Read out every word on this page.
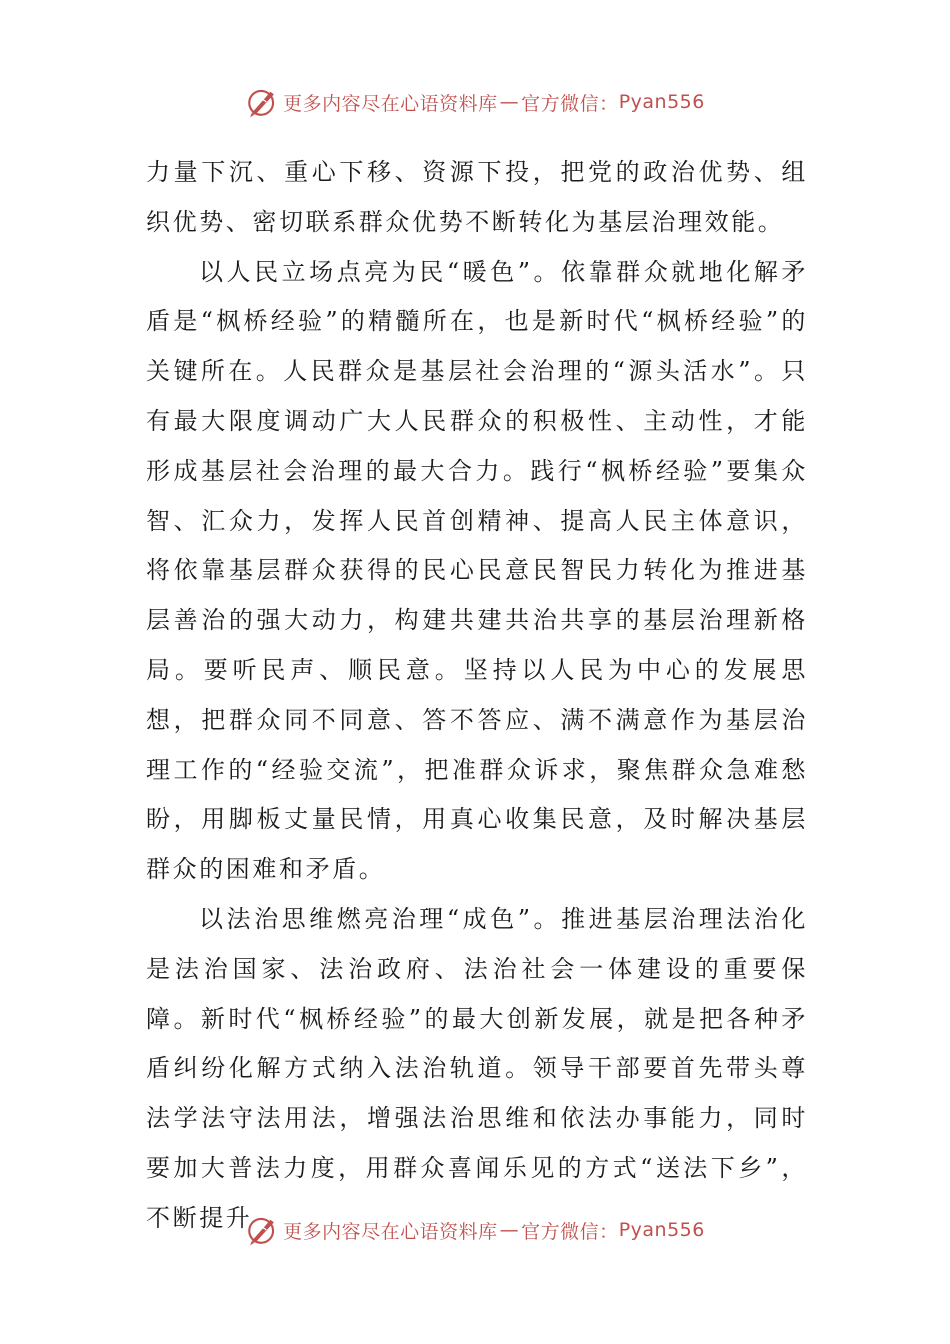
更多内容尽在心语资料库 — 官方微信： Pyan556

力量下沉、重心下移、资源下投，把党的政治优势、组织优势、密切联系群众优势不断转化为基层治理效能。

以人民立场点亮为民“暖色”。依靠群众就地化解矛盾是“枫桥经验”的精髓所在，也是新时代“枫桥经验”的关键所在。人民群众是基层社会治理的“源头活水”。只有最大限度调动广大人民群众的积极性、主动性，才能形成基层社会治理的最大合力。践行“枫桥经验”要集众智、汇众力，发挥人民首创精神、提高人民主体意识，将依靠基层群众获得的民心民意民智民力转化为推进基层善治的强大动力，构建共建共治共享的基层治理新格局。要听民声、顺民意。坚持以人民为中心的发展思想，把群众同不同意、答不答应、满不满意作为基层治理工作的“经验交流”，把准群众诉求，聚焦群众急难愁盼，用脚板丈量民情，用真心收集民意，及时解决基层群众的困难和矛盾。

以法治思维燃亮治理“成色”。推进基层治理法治化是法治国家、法治政府、法治社会一体建设的重要保障。新时代“枫桥经验”的最大创新发展，就是把各种矛盾纠纷化解方式纳入法治轨道。领导干部要首先带头尊法学法守法用法，增强法治思维和依法办事能力，同时要加大普法力度，用群众喜闻乐见的方式“送法下乡”，不断提升	更多内容尽在心语资料库 — 官方微信： Pyan556
